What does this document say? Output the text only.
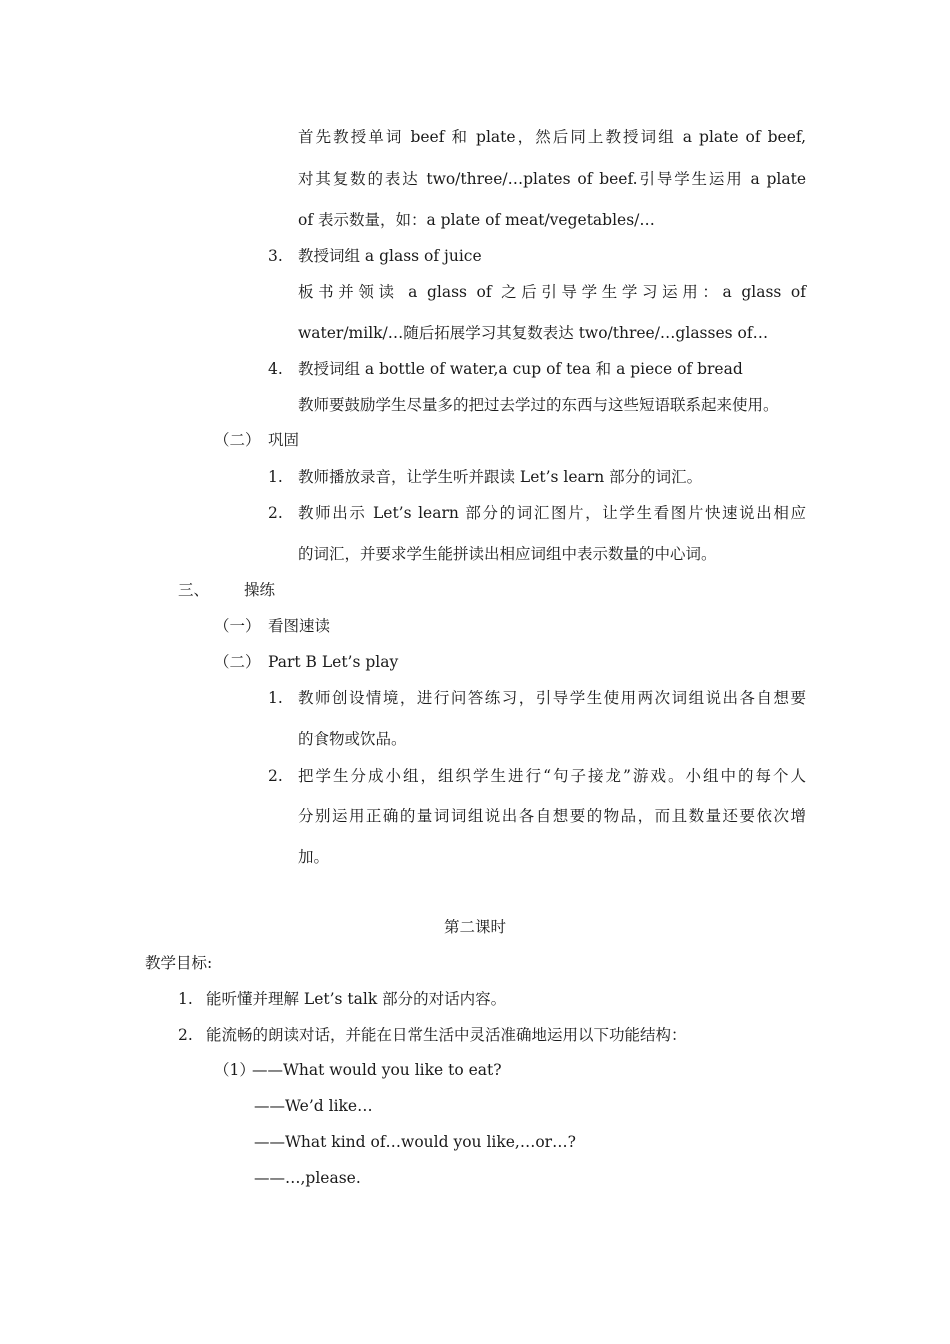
首先教授单词 beef 和 plate，然后同上教授词组 a plate of beef,
对其复数的表达 two/three/…plates of beef.引导学生运用 a plate
of 表示数量，如：a plate of meat/vegetables/…
3. 教授词组 a glass of juice
板书并领读 a glass of 之后引导学生学习运用：a glass of
water/milk/…随后拓展学习其复数表达 two/three/…glasses of…
4. 教授词组 a bottle of water,a cup of tea 和 a piece of bread
教师要鼓励学生尽量多的把过去学过的东西与这些短语联系起来使用。
（二） 巩固
1. 教师播放录音，让学生听并跟读 Let’s learn 部分的词汇。
2. 教师出示 Let’s learn 部分的词汇图片，让学生看图片快速说出相应
的词汇，并要求学生能拼读出相应词组中表示数量的中心词。
三、 操练
（一） 看图速读
（二） Part B Let’s play
1. 教师创设情境，进行问答练习，引导学生使用两次词组说出各自想要
的食物或饮品。
2. 把学生分成小组，组织学生进行“句子接龙”游戏。小组中的每个人
分别运用正确的量词词组说出各自想要的物品，而且数量还要依次增
加。
第二课时
教学目标:
1. 能听懂并理解 Let’s talk 部分的对话内容。
2. 能流畅的朗读对话，并能在日常生活中灵活准确地运用以下功能结构：
（1）
——What would you like to eat?
——We’d like…
——What kind of…would you like,…or…?
——…,please.
